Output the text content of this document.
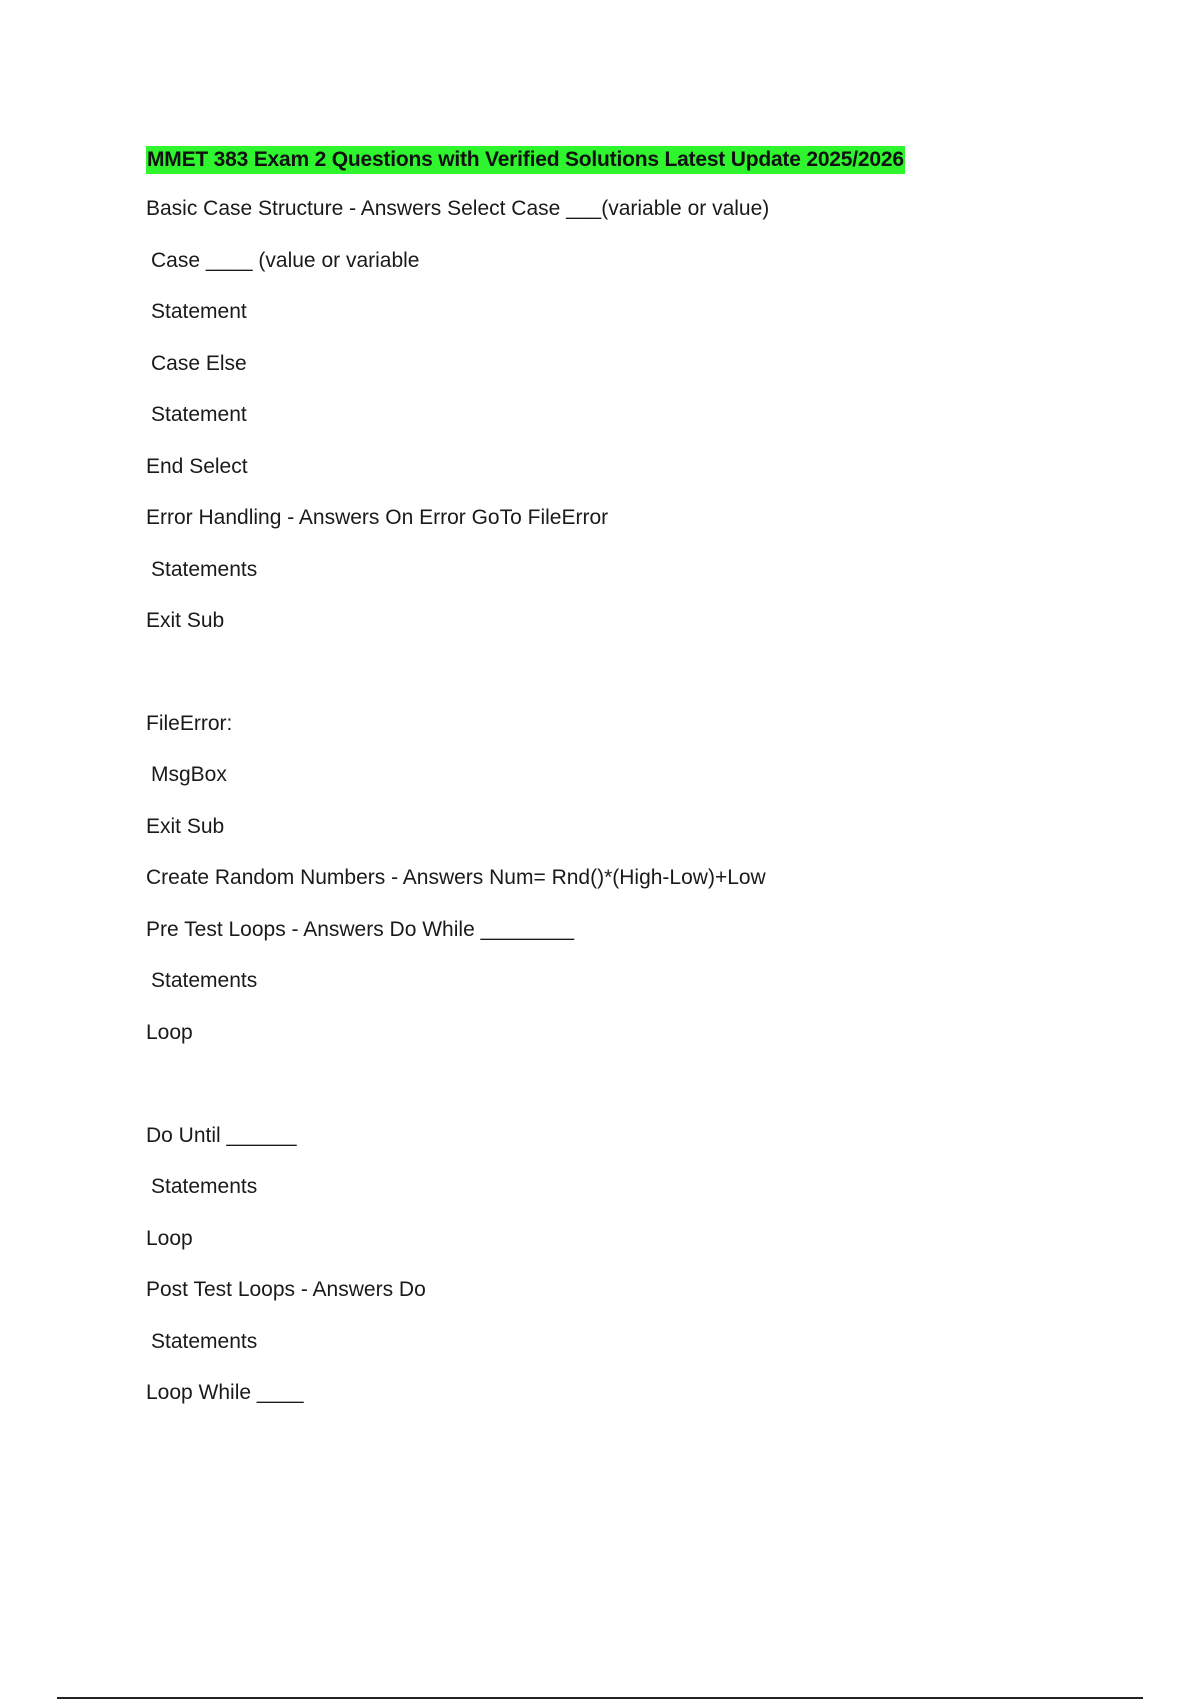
MMET 383 Exam 2 Questions with Verified Solutions Latest Update 2025/2026
Basic Case Structure - Answers Select Case ___(variable or value)
Case ____ (value or variable
Statement
Case Else
Statement
End Select
Error Handling - Answers On Error GoTo FileError
Statements
Exit Sub
FileError:
MsgBox
Exit Sub
Create Random Numbers - Answers Num= Rnd()*(High-Low)+Low
Pre Test Loops - Answers Do While ________
Statements
Loop
Do Until ______
Statements
Loop
Post Test Loops - Answers Do
Statements
Loop While ____
